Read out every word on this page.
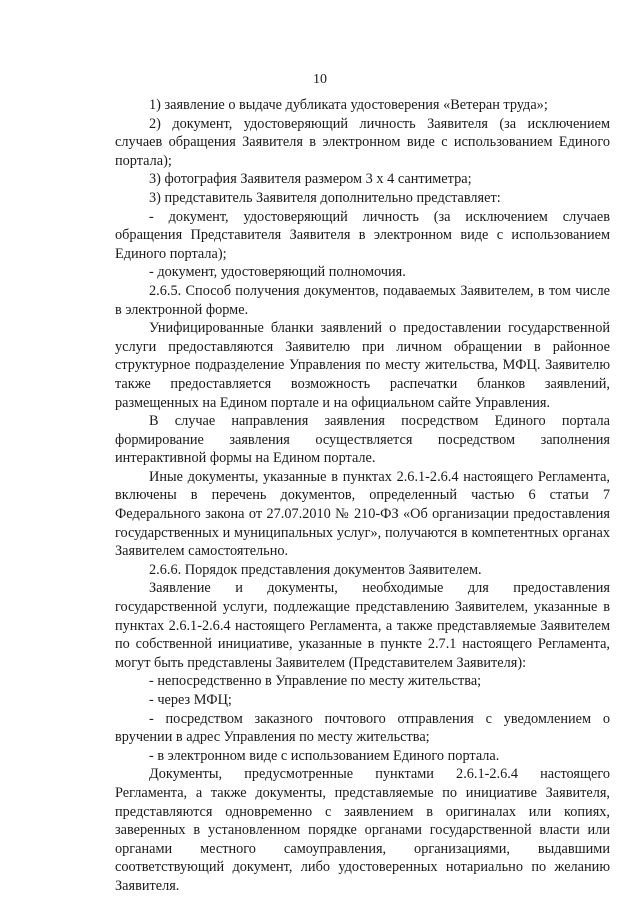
10

1) заявление о выдаче дубликата удостоверения «Ветеран труда»;

2) документ, удостоверяющий личность Заявителя (за исключением случаев обращения Заявителя в электронном виде с использованием Единого портала);

3) фотография Заявителя размером 3 х 4 сантиметра;

3) представитель Заявителя дополнительно представляет:

- документ, удостоверяющий личность (за исключением случаев обращения Представителя Заявителя в электронном виде с использованием Единого портала);

- документ, удостоверяющий полномочия.

2.6.5. Способ получения документов, подаваемых Заявителем, в том числе в электронной форме.

Унифицированные бланки заявлений о предоставлении государственной услуги предоставляются Заявителю при личном обращении в районное структурное подразделение Управления по месту жительства, МФЦ. Заявителю также предоставляется возможность распечатки бланков заявлений, размещенных на Едином портале и на официальном сайте Управления.

В случае направления заявления посредством Единого портала формирование заявления осуществляется посредством заполнения интерактивной формы на Едином портале.

Иные документы, указанные в пунктах 2.6.1-2.6.4 настоящего Регламента, включены в перечень документов, определенный частью 6 статьи 7 Федерального закона от 27.07.2010 № 210-ФЗ «Об организации предоставления государственных и муниципальных услуг», получаются в компетентных органах Заявителем самостоятельно.

2.6.6. Порядок представления документов Заявителем.

Заявление и документы, необходимые для предоставления государственной услуги, подлежащие представлению Заявителем, указанные в пунктах 2.6.1-2.6.4 настоящего Регламента, а также представляемые Заявителем по собственной инициативе, указанные в пункте 2.7.1 настоящего Регламента, могут быть представлены Заявителем (Представителем Заявителя):

- непосредственно в Управление по месту жительства;

- через МФЦ;

- посредством заказного почтового отправления с уведомлением о вручении в адрес Управления по месту жительства;

- в электронном виде с использованием Единого портала.

Документы, предусмотренные пунктами 2.6.1-2.6.4 настоящего Регламента, а также документы, представляемые по инициативе Заявителя, представляются одновременно с заявлением в оригиналах или копиях, заверенных в установленном порядке органами государственной власти или органами местного самоуправления, организациями, выдавшими соответствующий документ, либо удостоверенных нотариально по желанию Заявителя.
